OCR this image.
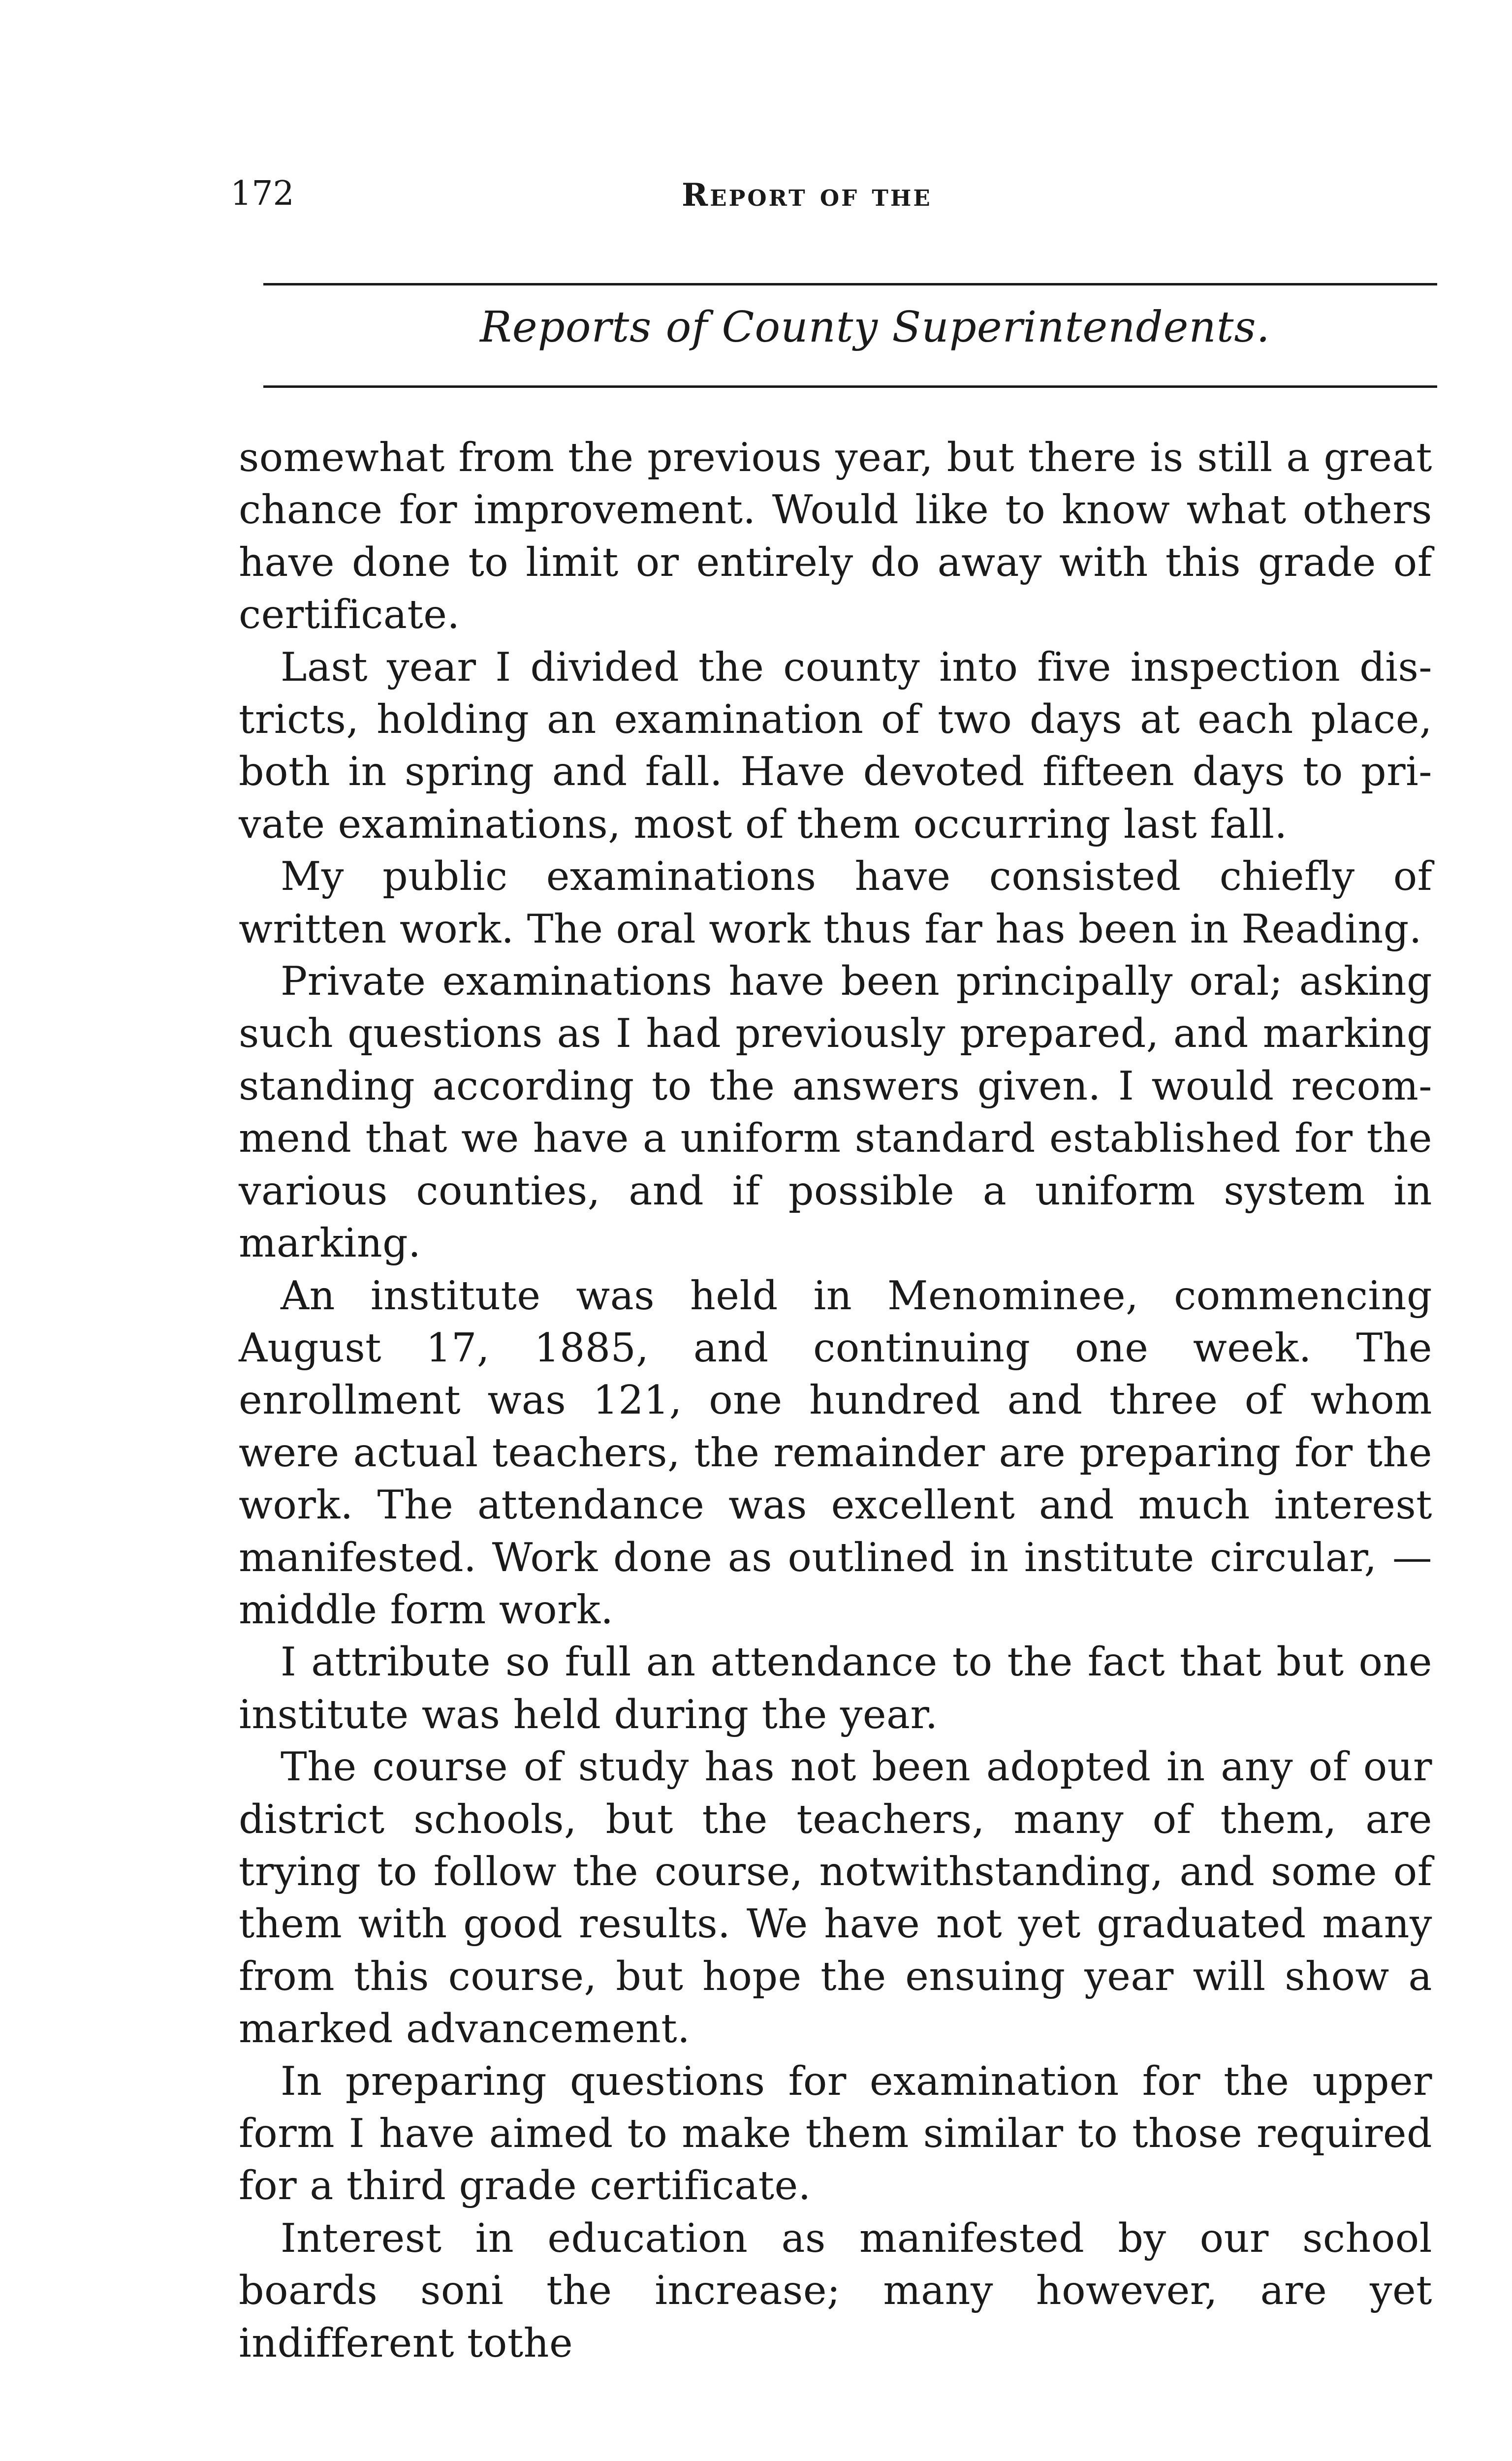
172	Report of the
Reports of County Superintendents.

somewhat from the previous year, but there is still a great chance for improvement. Would like to know what others have done to limit or entirely do away with this grade of certificate.

Last year I divided the county into five inspection dis- tricts, holding an examination of two days at each place, both in spring and fall. Have devoted fifteen days to pri- vate examinations, most of them occurring last fall.

My public examinations have consisted chiefly of written work. The oral work thus far has been in Reading.

Private examinations have been principally oral; asking such questions as I had previously prepared, and marking standing according to the answers given. I would recom- mend that we have a uniform standard established for the various counties, and if possible a uniform system in marking.

An institute was held in Menominee, commencing August 17, 1885, and continuing one week. The enrollment was 121, one hundred and three of whom were actual teachers, the remainder are preparing for the work. The attendance was excellent and much interest manifested. Work done as outlined in institute circular, — middle form work.

I attribute so full an attendance to the fact that but one institute was held during the year.

The course of study has not been adopted in any of our district schools, but the teachers, many of them, are trying to follow the course, notwithstanding, and some of them with good results. We have not yet graduated many from this course, but hope the ensuing year will show a marked advancement.

In preparing questions for examination for the upper form I have aimed to make them similar to those required for a third grade certificate.

Interest in education as manifested by our school boards soni the increase; many however, are yet indifferent tothe
